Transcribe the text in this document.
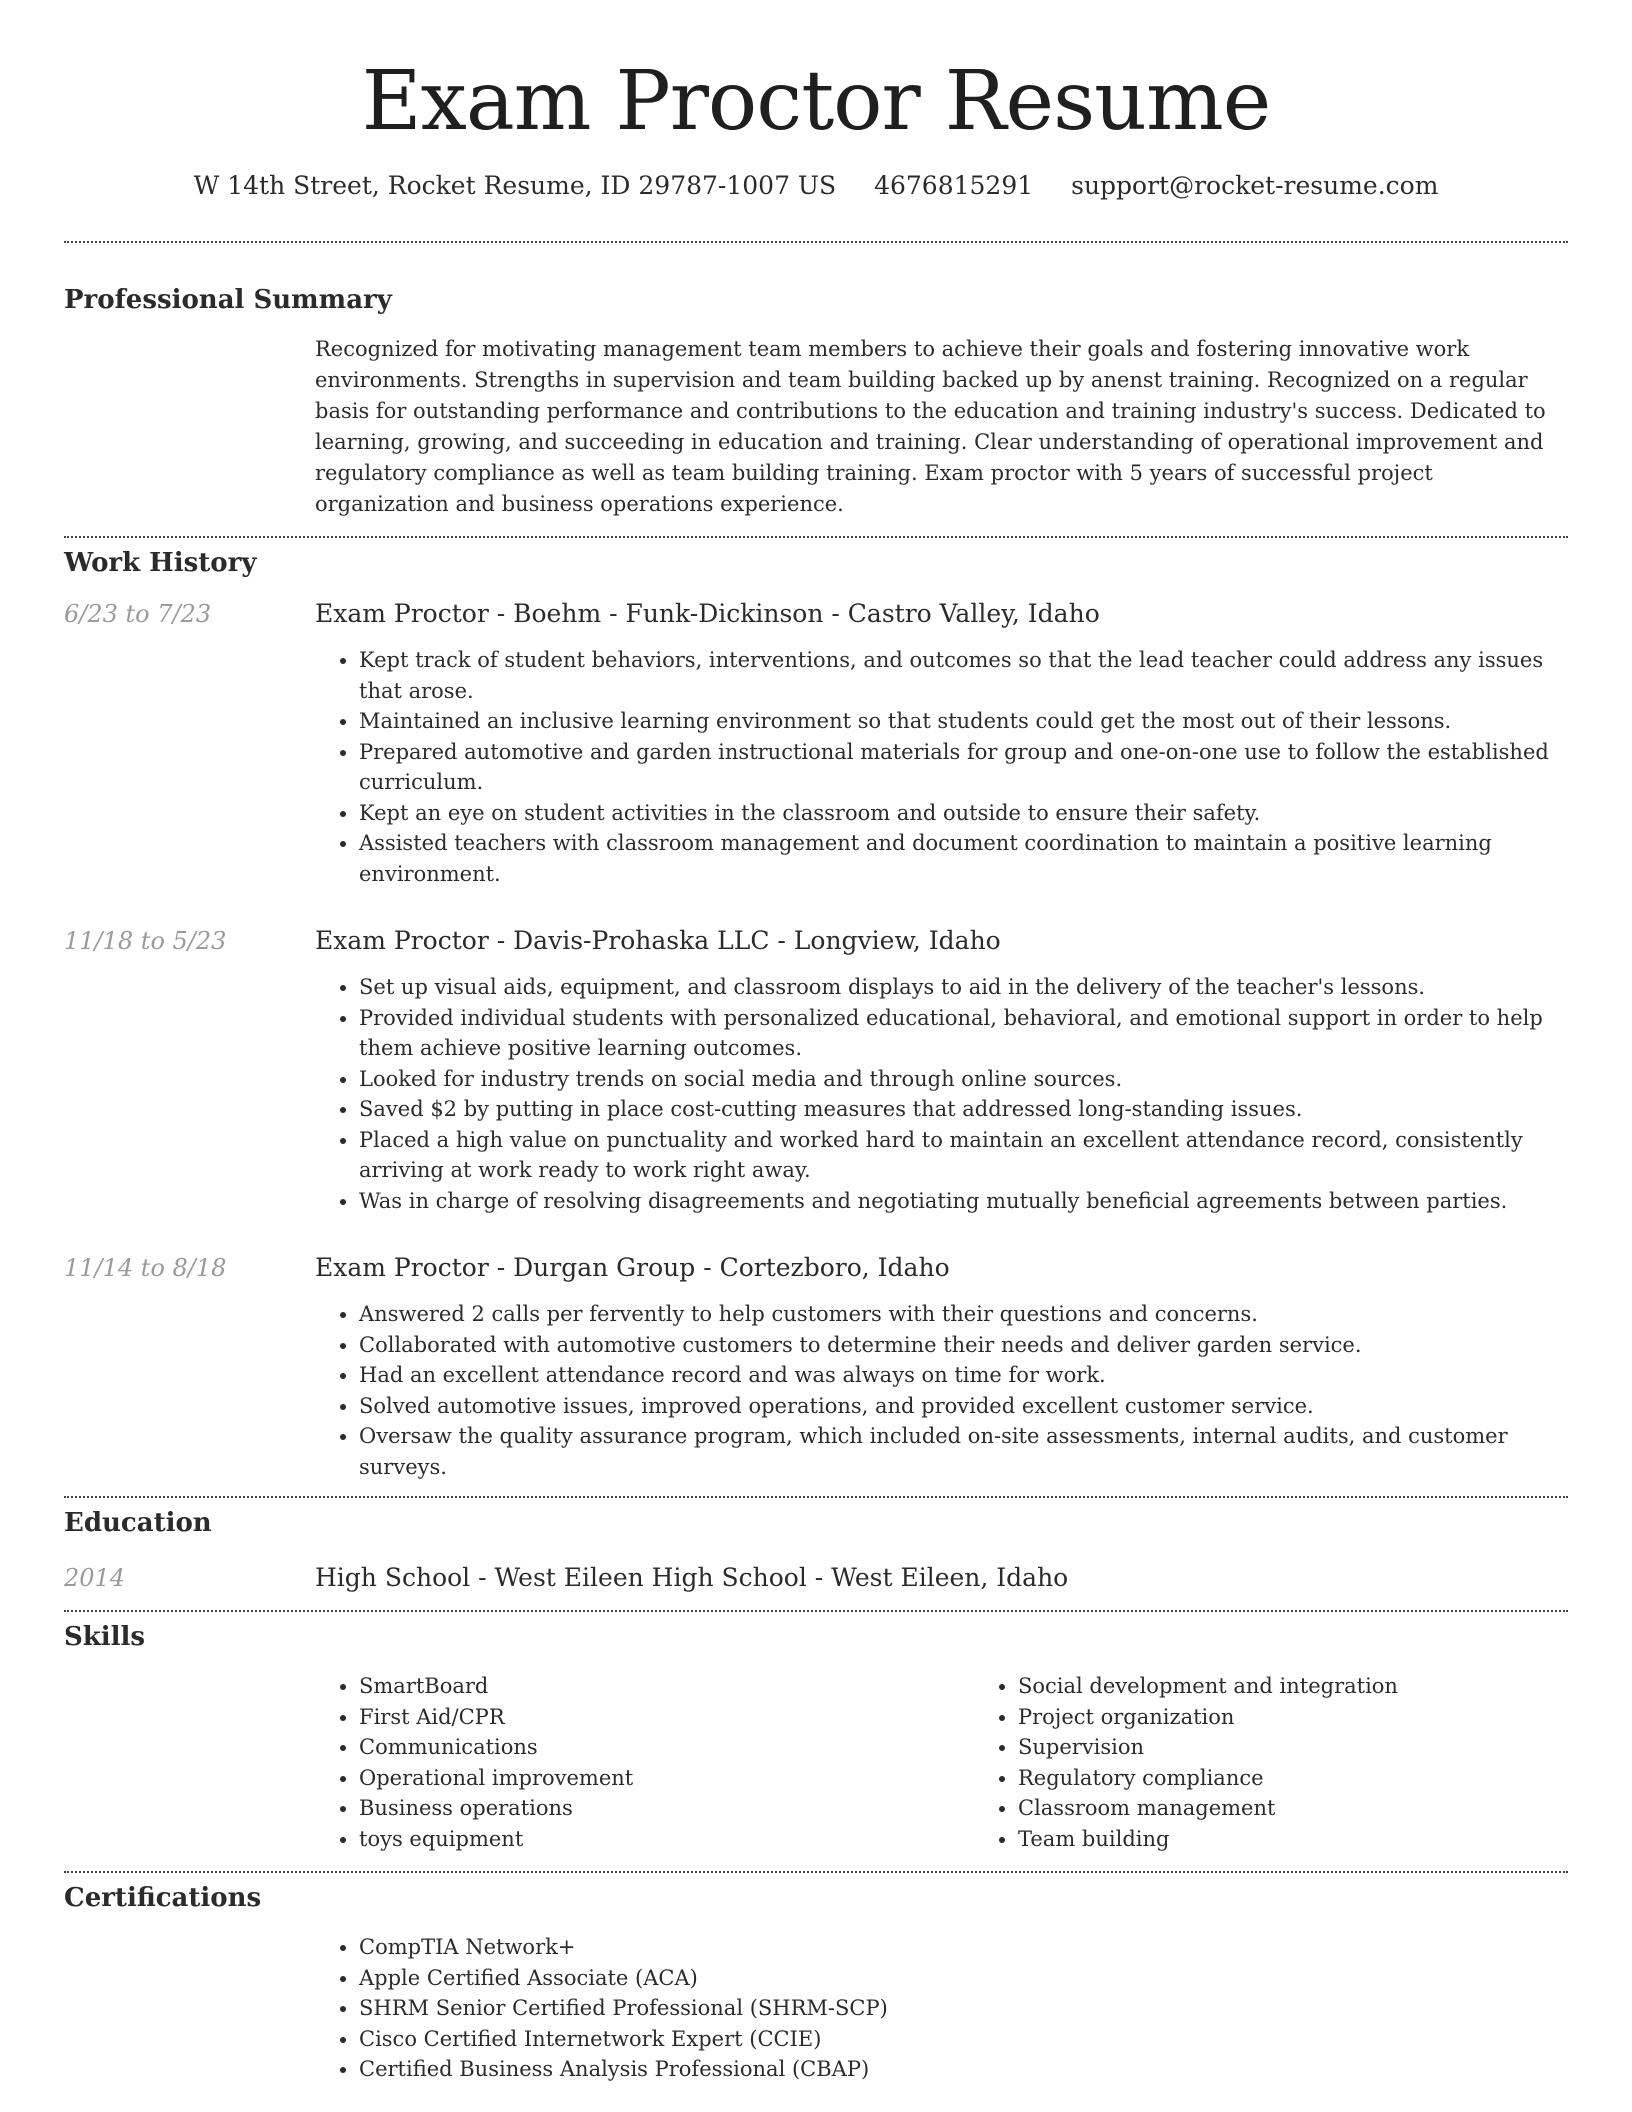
Exam Proctor Resume
W 14th Street, Rocket Resume, ID 29787-1007 US 4676815291 support@rocket-resume.com
Professional Summary

Recognized for motivating management team members to achieve their goals and fostering innovative work environments. Strengths in supervision and team building backed up by anenst training. Recognized on a regular basis for outstanding performance and contributions to the education and training industry's success. Dedicated to learning, growing, and succeeding in education and training. Clear understanding of operational improvement and regulatory compliance as well as team building training. Exam proctor with 5 years of successful project organization and business operations experience.

Work History
6/23 to 7/23	Exam Proctor - Boehm - Funk-Dickinson - Castro Valley, Idaho
• Kept track of student behaviors, interventions, and outcomes so that the lead teacher could address any issues that arose.
• Maintained an inclusive learning environment so that students could get the most out of their lessons.
• Prepared automotive and garden instructional materials for group and one-on-one use to follow the established curriculum.
• Kept an eye on student activities in the classroom and outside to ensure their safety.
• Assisted teachers with classroom management and document coordination to maintain a positive learning environment.
11/18 to 5/23	Exam Proctor - Davis-Prohaska LLC - Longview, Idaho
• Set up visual aids, equipment, and classroom displays to aid in the delivery of the teacher's lessons.
• Provided individual students with personalized educational, behavioral, and emotional support in order to help them achieve positive learning outcomes.
• Looked for industry trends on social media and through online sources.
• Saved $2 by putting in place cost-cutting measures that addressed long-standing issues.
• Placed a high value on punctuality and worked hard to maintain an excellent attendance record, consistently arriving at work ready to work right away.
• Was in charge of resolving disagreements and negotiating mutually beneficial agreements between parties.
11/14 to 8/18	Exam Proctor - Durgan Group - Cortezboro, Idaho
• Answered 2 calls per fervently to help customers with their questions and concerns.
• Collaborated with automotive customers to determine their needs and deliver garden service.
• Had an excellent attendance record and was always on time for work.
• Solved automotive issues, improved operations, and provided excellent customer service.
• Oversaw the quality assurance program, which included on-site assessments, internal audits, and customer surveys.
Education
2014	High School - West Eileen High School - West Eileen, Idaho
Skills
• SmartBoard
• First Aid/CPR
• Communications
• Operational improvement
• Business operations
• toys equipment
• Social development and integration
• Project organization
• Supervision
• Regulatory compliance
• Classroom management
• Team building
Certifications
• CompTIA Network+
• Apple Certified Associate (ACA)
• SHRM Senior Certified Professional (SHRM-SCP)
• Cisco Certified Internetwork Expert (CCIE)
• Certified Business Analysis Professional (CBAP)
